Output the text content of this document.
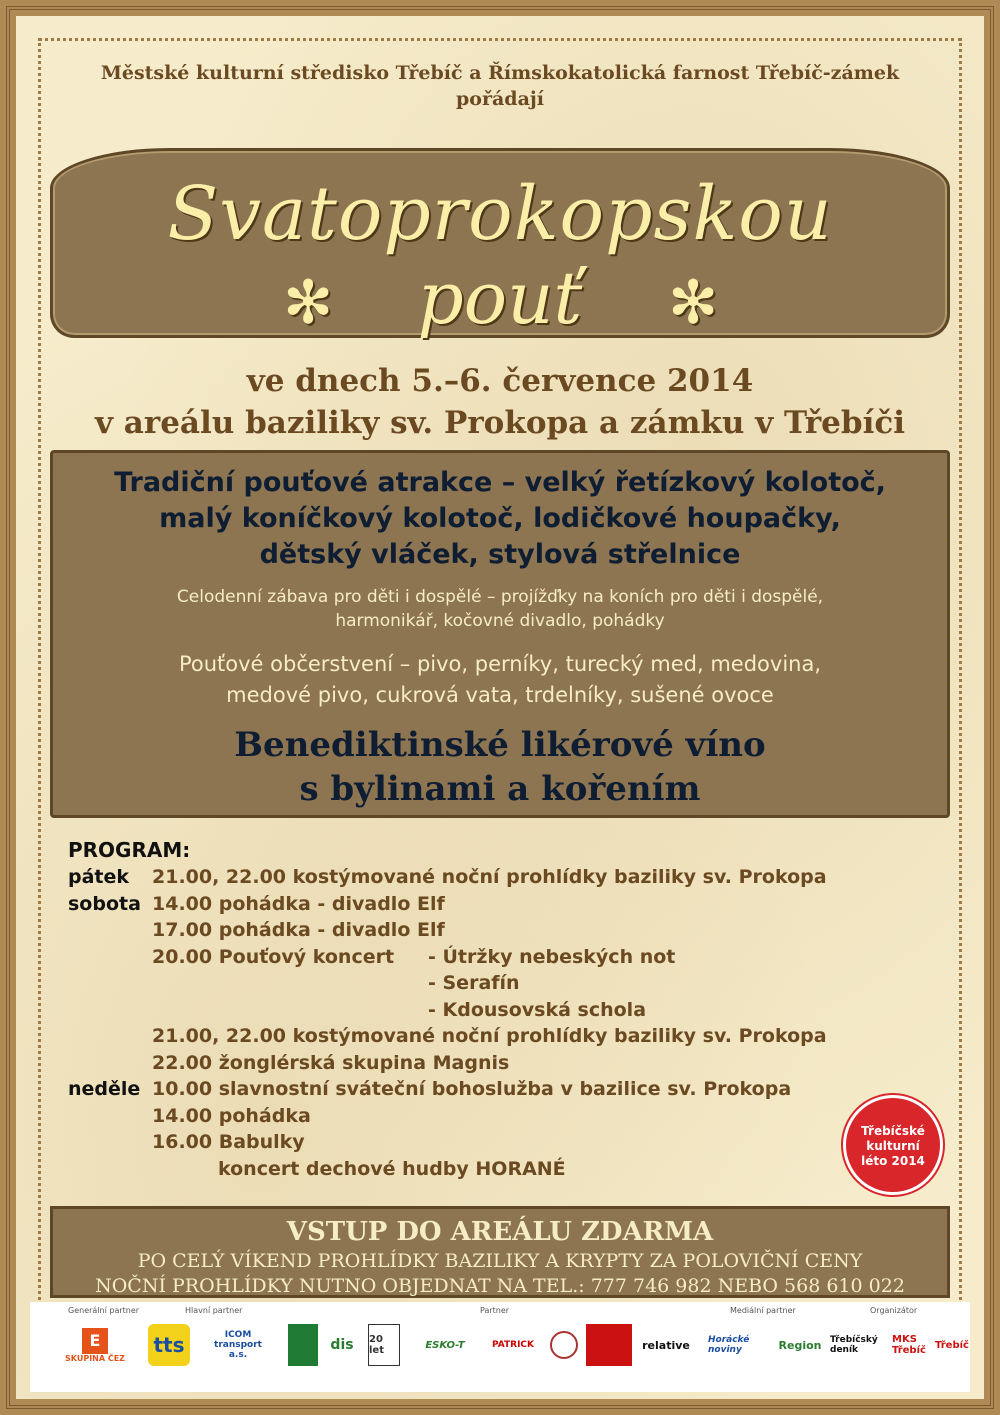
Městské kulturní středisko Třebíč a Římskokatolická farnost Třebíč-zámek
pořádají
Svatoprokopskou
✻	pouť	✻
ve dnech 5.–6. července 2014
v areálu baziliky sv. Prokopa a zámku v Třebíči
Tradiční pouťové atrakce – velký řetízkový kolotoč,
malý koníčkový kolotoč, lodičkové houpačky,
dětský vláček, stylová střelnice
Celodenní zábava pro děti i dospělé – projížďky na koních pro děti i dospělé,
harmonikář, kočovné divadlo, pohádky
Pouťové občerstvení – pivo, perníky, turecký med, medovina,
medové pivo, cukrová vata, trdelníky, sušené ovoce
Benediktinské likérové víno
s bylinami a kořením
PROGRAM:
pátek	21.00, 22.00 kostýmované noční prohlídky baziliky sv. Prokopa
sobota 14.00 pohádka - divadlo Elf
17.00 pohádka - divadlo Elf
20.00 Pouťový koncert - Útržky nebeských not
- Serafín
- Kdousovská schola
21.00, 22.00 kostýmované noční prohlídky baziliky sv. Prokopa
22.00 žonglérská skupina Magnis
neděle 10.00 slavnostní sváteční bohoslužba v bazilice sv. Prokopa
14.00 pohádka
16.00 Babulky
koncert dechové hudby HORANÉ
Třebíčské
kulturní
léto 2014
VSTUP DO AREÁLU ZDARMA
PO CELÝ VÍKEND PROHLÍDKY BAZILIKY A KRYPTY ZA POLOVIČNÍ CENY
NOČNÍ PROHLÍDKY NUTNO OBJEDNAT NA TEL.: 777 746 982 NEBO 568 610 022
Generální partner	Hlavní partner	Partner	Mediální partner	Organizátor
E
SKUPINA ČEZ
tts	ICOM transport a.s.
dis	20 let	ESKO-T	PATRICK	relative	Horácké noviny	Region Třebíčský deník
MKS Třebíč Třebíč
